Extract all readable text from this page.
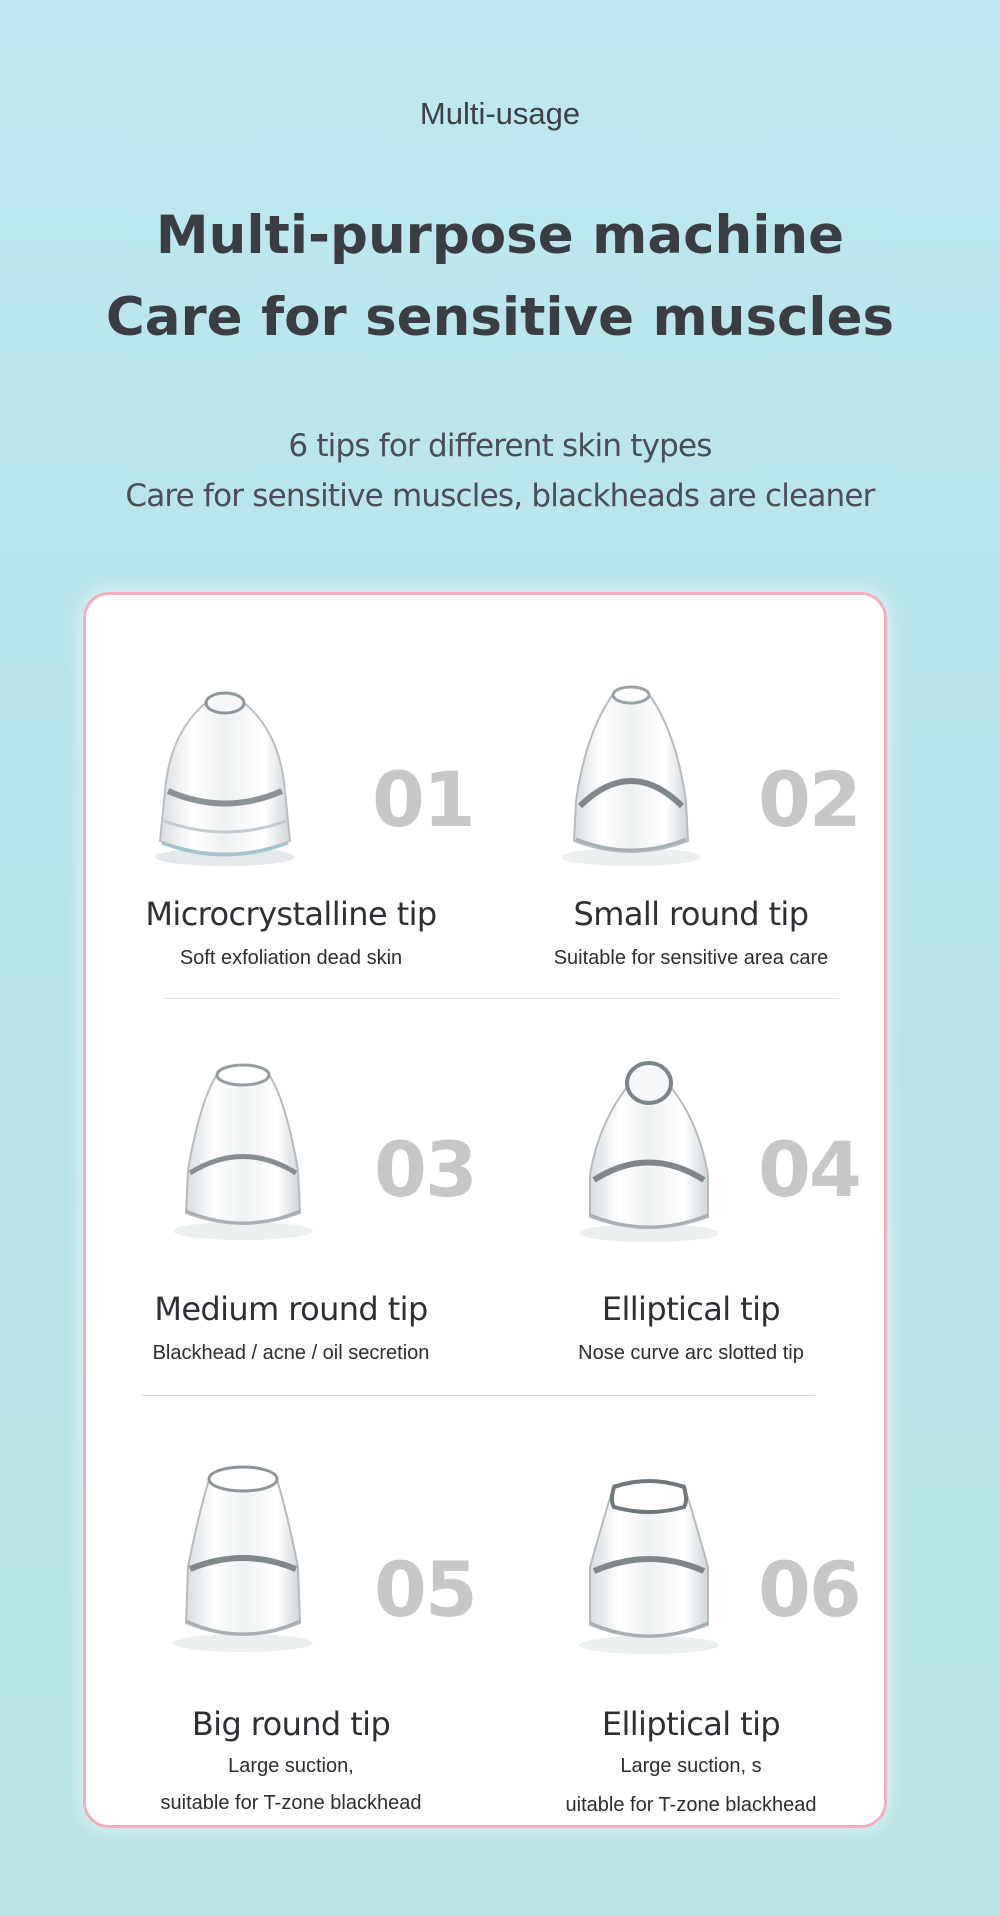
Multi-usage
Multi-purpose machine
Care for sensitive muscles
6 tips for different skin types
Care for sensitive muscles, blackheads are cleaner
01	02
Microcrystalline tip
Soft exfoliation dead skin
Small round tip
Suitable for sensitive area care
03	04
Medium round tip
Blackhead / acne / oil secretion
Elliptical tip
Nose curve arc slotted tip
05	06
Big round tip
Large suction,
suitable for T-zone blackhead
Elliptical tip
Large suction, s
uitable for T-zone blackhead
